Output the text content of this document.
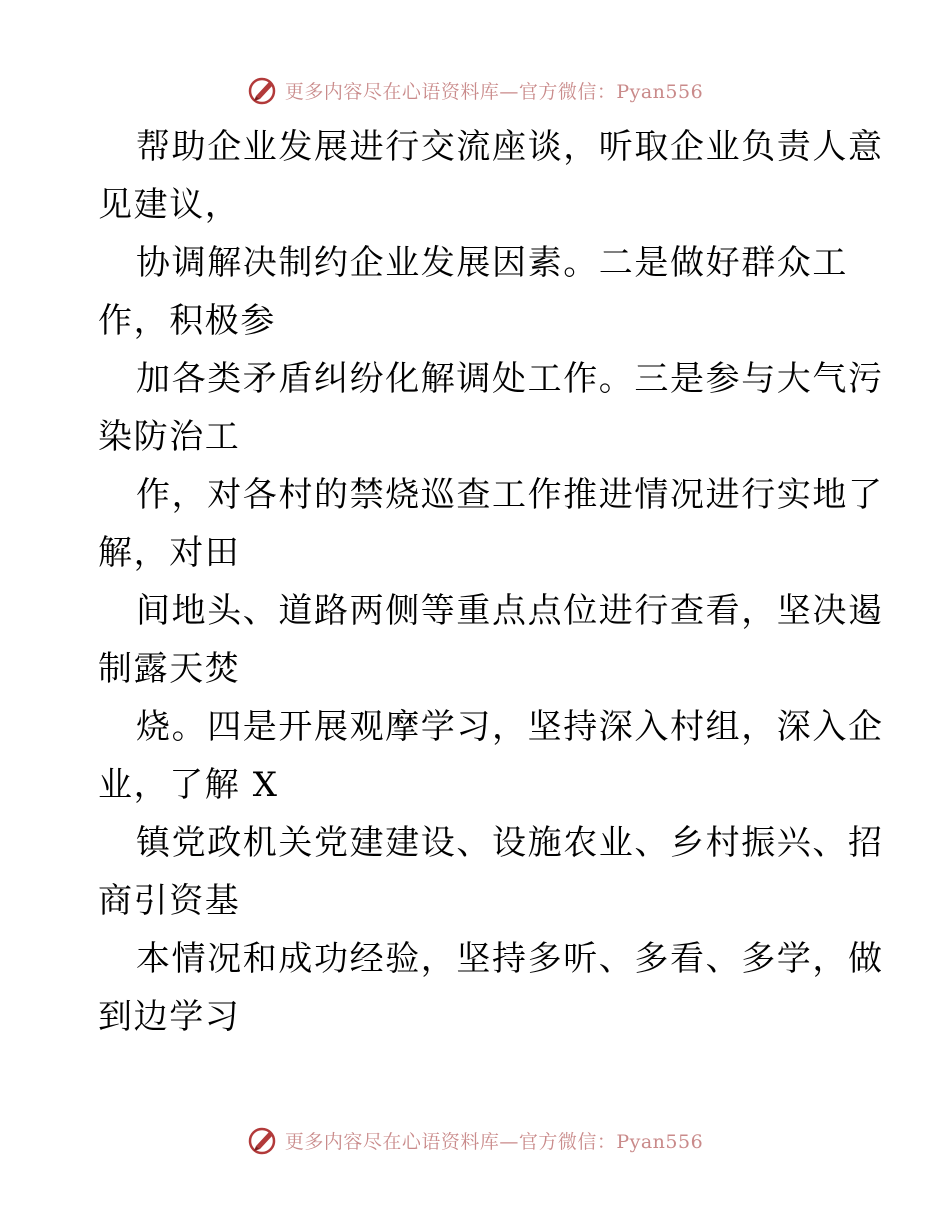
更多内容尽在心语资料库—官方微信：Pyan556
帮助企业发展进行交流座谈，听取企业负责人意
见建议，
协调解决制约企业发展因素。二是做好群众工
作，积极参
加各类矛盾纠纷化解调处工作。三是参与大气污
染防治工
作，对各村的禁烧巡查工作推进情况进行实地了
解，对田
间地头、道路两侧等重点点位进行查看，坚决遏
制露天焚
烧。四是开展观摩学习，坚持深入村组，深入企
业，了解 X
镇党政机关党建建设、设施农业、乡村振兴、招
商引资基
本情况和成功经验，坚持多听、多看、多学，做
到边学习
更多内容尽在心语资料库—官方微信：Pyan556
